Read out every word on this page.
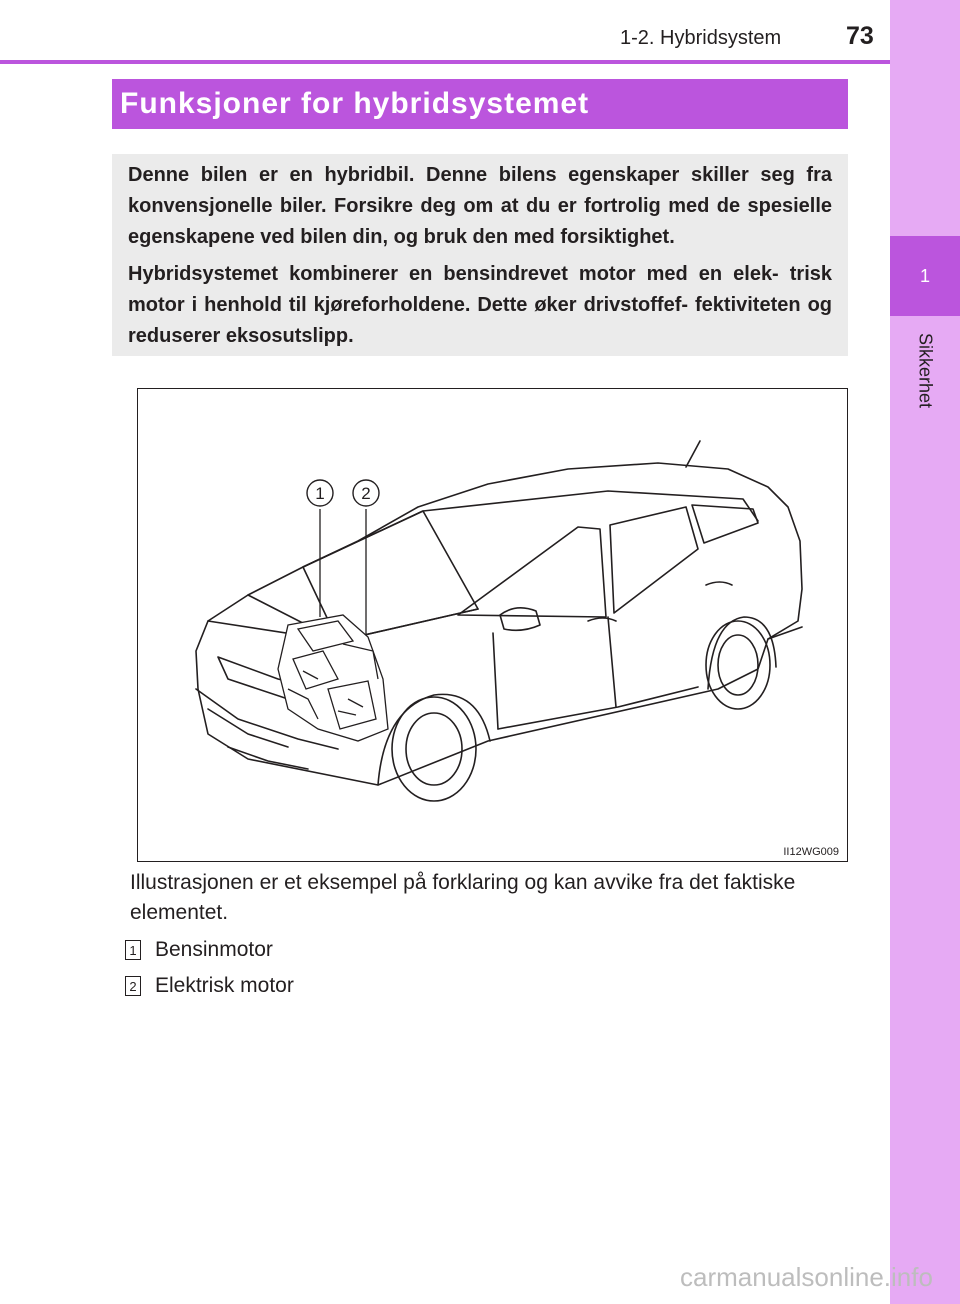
1
Sikkerhet
1-2. Hybridsystem	73
Funksjoner for hybridsystemet

Denne bilen er en hybridbil. Denne bilens egenskaper skiller seg fra konvensjonelle biler. Forsikre deg om at du er fortrolig med de spesielle egenskapene ved bilen din, og bruk den med forsiktighet.

Hybridsystemet kombinerer en bensindrevet motor med en elek- trisk motor i henhold til kjøreforholdene. Dette øker drivstoffef- fektiviteten og reduserer eksosutslipp.

1 2
II12WG009
Illustrasjonen er et eksempel på forklaring og kan avvike fra det faktiske elementet.
1 Bensinmotor
2 Elektrisk motor
carmanualsonline.info
